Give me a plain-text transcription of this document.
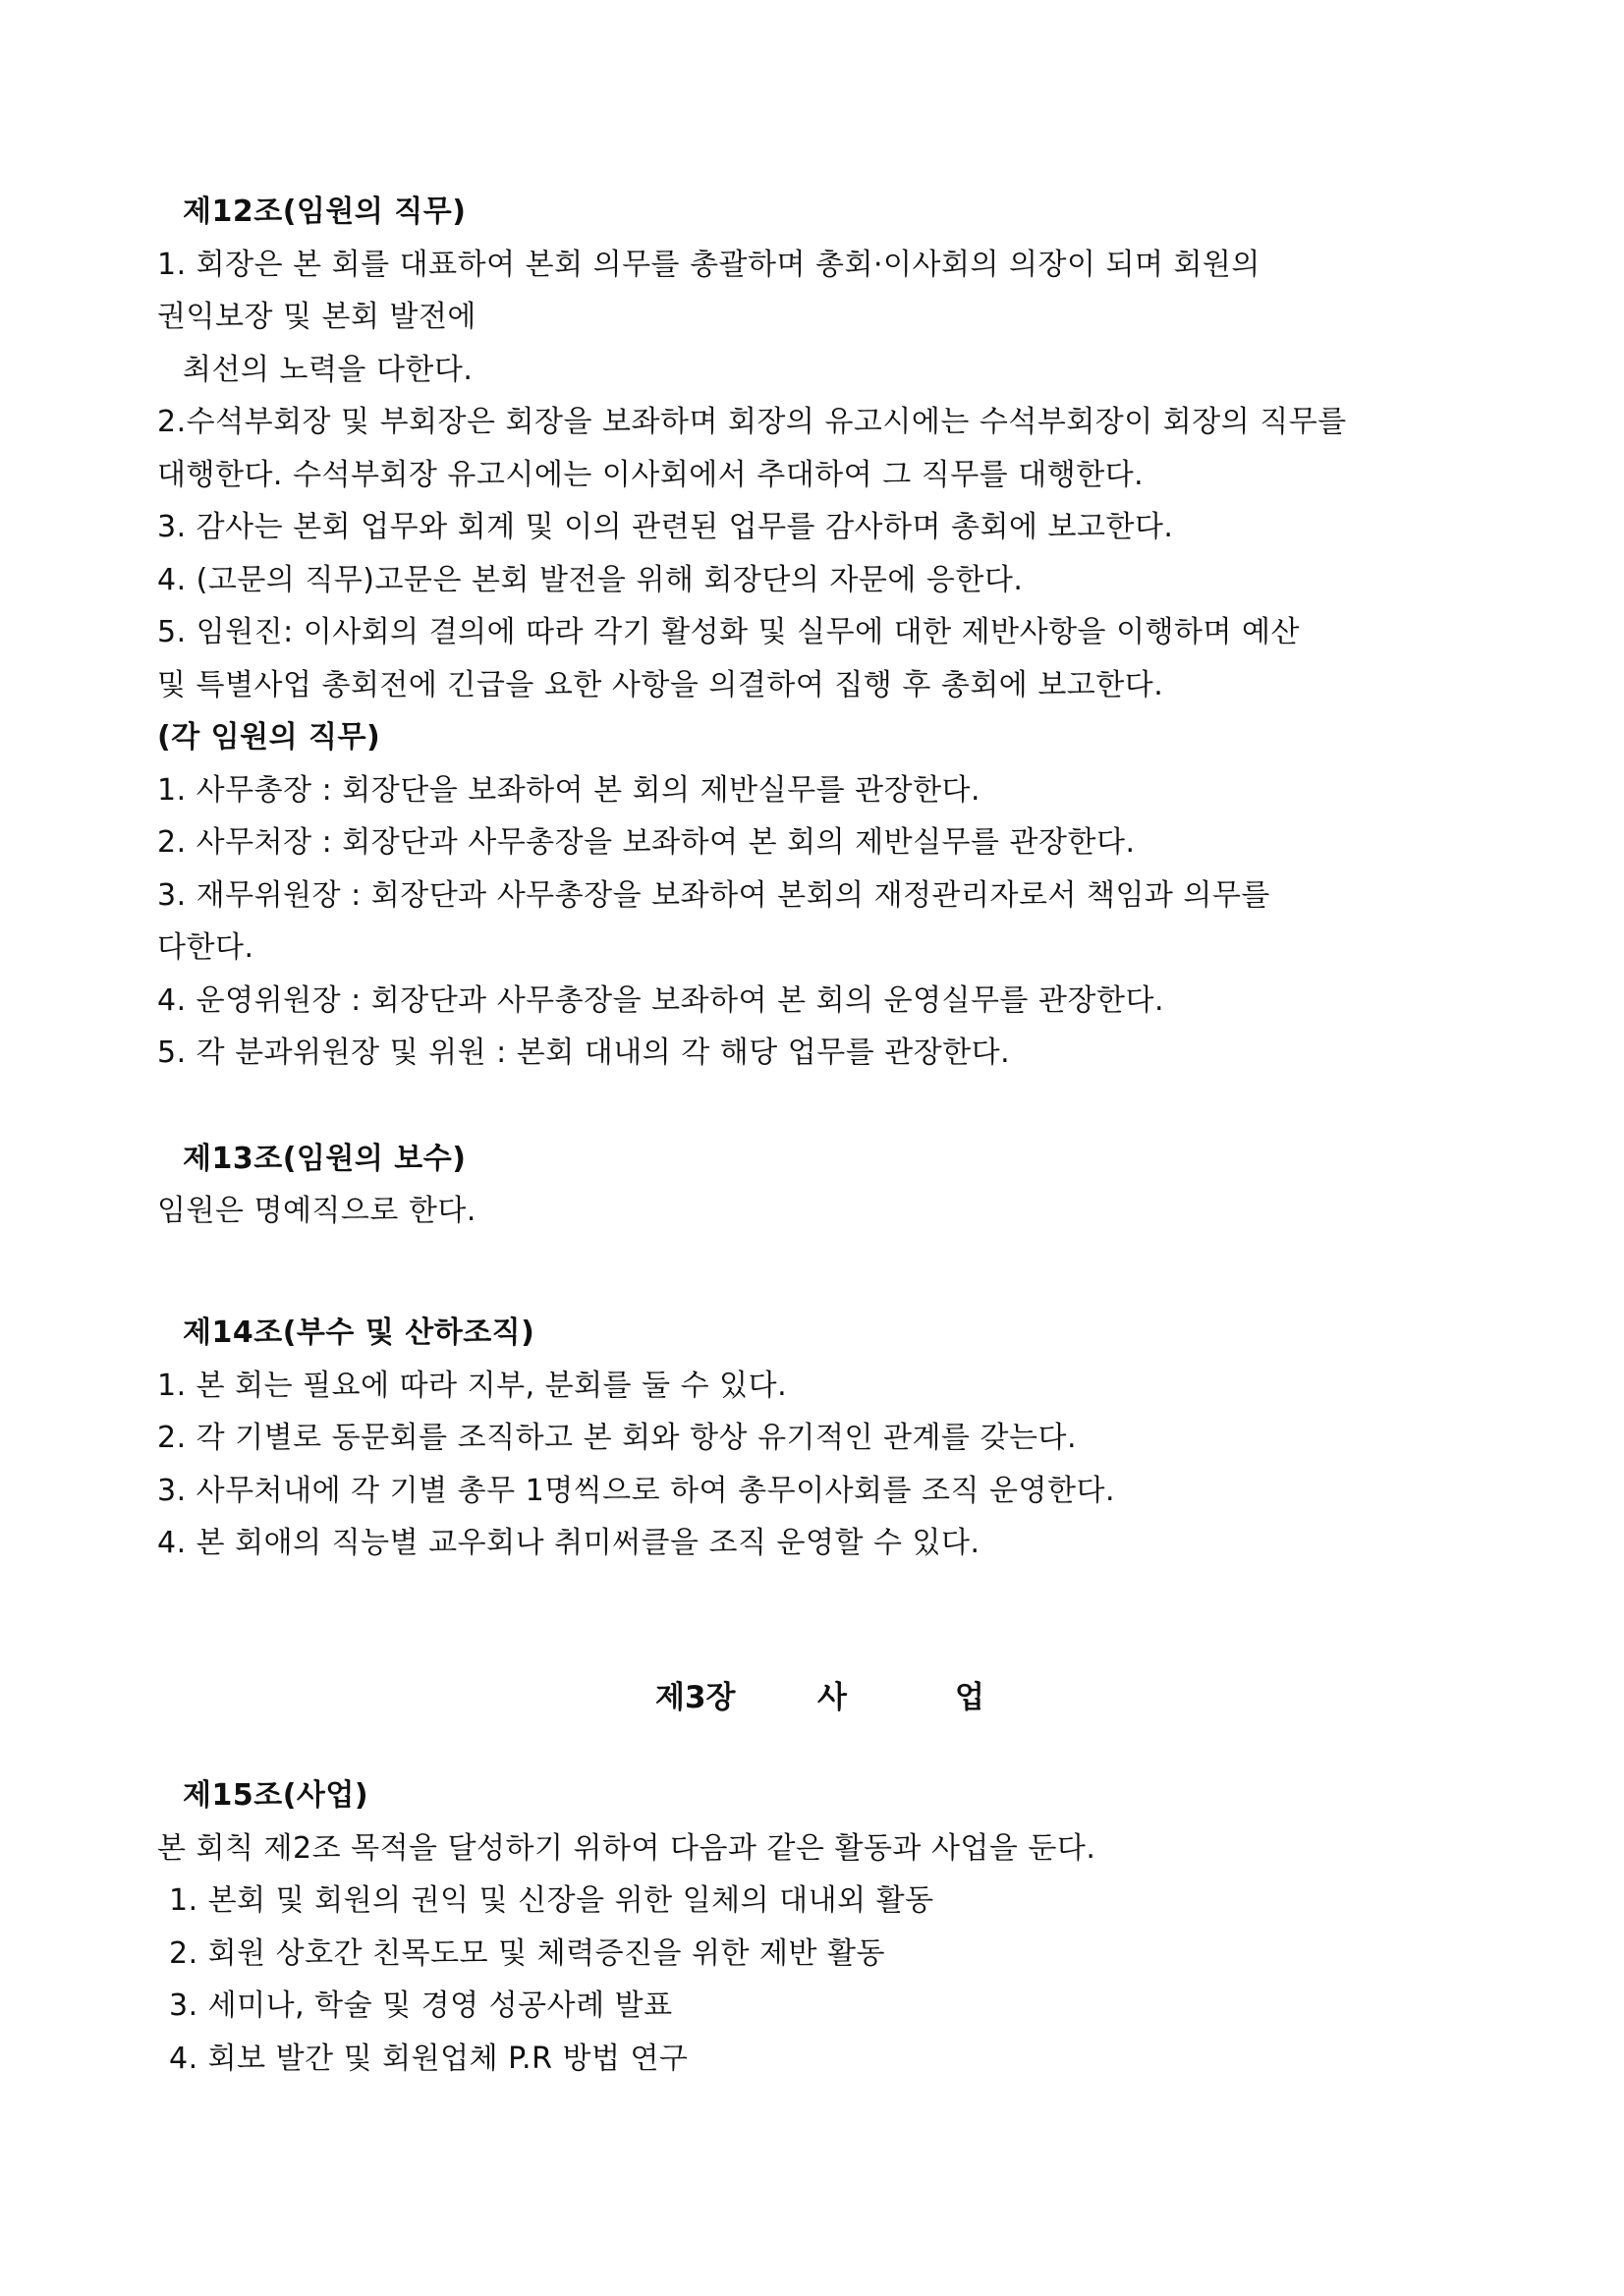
제12조(임원의 직무)
1. 회장은 본 회를 대표하여 본회 의무를 총괄하며 총회·이사회의 의장이 되며 회원의
권익보장 및 본회 발전에
최선의 노력을 다한다.
2.수석부회장 및 부회장은 회장을 보좌하며 회장의 유고시에는 수석부회장이 회장의 직무를
대행한다. 수석부회장 유고시에는 이사회에서 추대하여 그 직무를 대행한다.
3. 감사는 본회 업무와 회계 및 이의 관련된 업무를 감사하며 총회에 보고한다.
4. (고문의 직무)고문은 본회 발전을 위해 회장단의 자문에 응한다.
5. 임원진: 이사회의 결의에 따라 각기 활성화 및 실무에 대한 제반사항을 이행하며 예산
및 특별사업 총회전에 긴급을 요한 사항을 의결하여 집행 후 총회에 보고한다.
(각 임원의 직무)
1. 사무총장 : 회장단을 보좌하여 본 회의 제반실무를 관장한다.
2. 사무처장 : 회장단과 사무총장을 보좌하여 본 회의 제반실무를 관장한다.
3. 재무위원장 : 회장단과 사무총장을 보좌하여 본회의 재정관리자로서 책임과 의무를
다한다.
4. 운영위원장 : 회장단과 사무총장을 보좌하여 본 회의 운영실무를 관장한다.
5. 각 분과위원장 및 위원 : 본회 대내의 각 해당 업무를 관장한다.
제13조(임원의 보수)
임원은 명예직으로 한다.
제14조(부수 및 산하조직)
1. 본 회는 필요에 따라 지부, 분회를 둘 수 있다.
2. 각 기별로 동문회를 조직하고 본 회와 항상 유기적인 관계를 갖는다.
3. 사무처내에 각 기별 총무 1명씩으로 하여 총무이사회를 조직 운영한다.
4. 본 회애의 직능별 교우회나 취미써클을 조직 운영할 수 있다.
제3장	사	업
제15조(사업)
본 회칙 제2조 목적을 달성하기 위하여 다음과 같은 활동과 사업을 둔다.
1. 본회 및 회원의 권익 및 신장을 위한 일체의 대내외 활동
2. 회원 상호간 친목도모 및 체력증진을 위한 제반 활동
3. 세미나, 학술 및 경영 성공사례 발표
4. 회보 발간 및 회원업체 P.R 방법 연구
